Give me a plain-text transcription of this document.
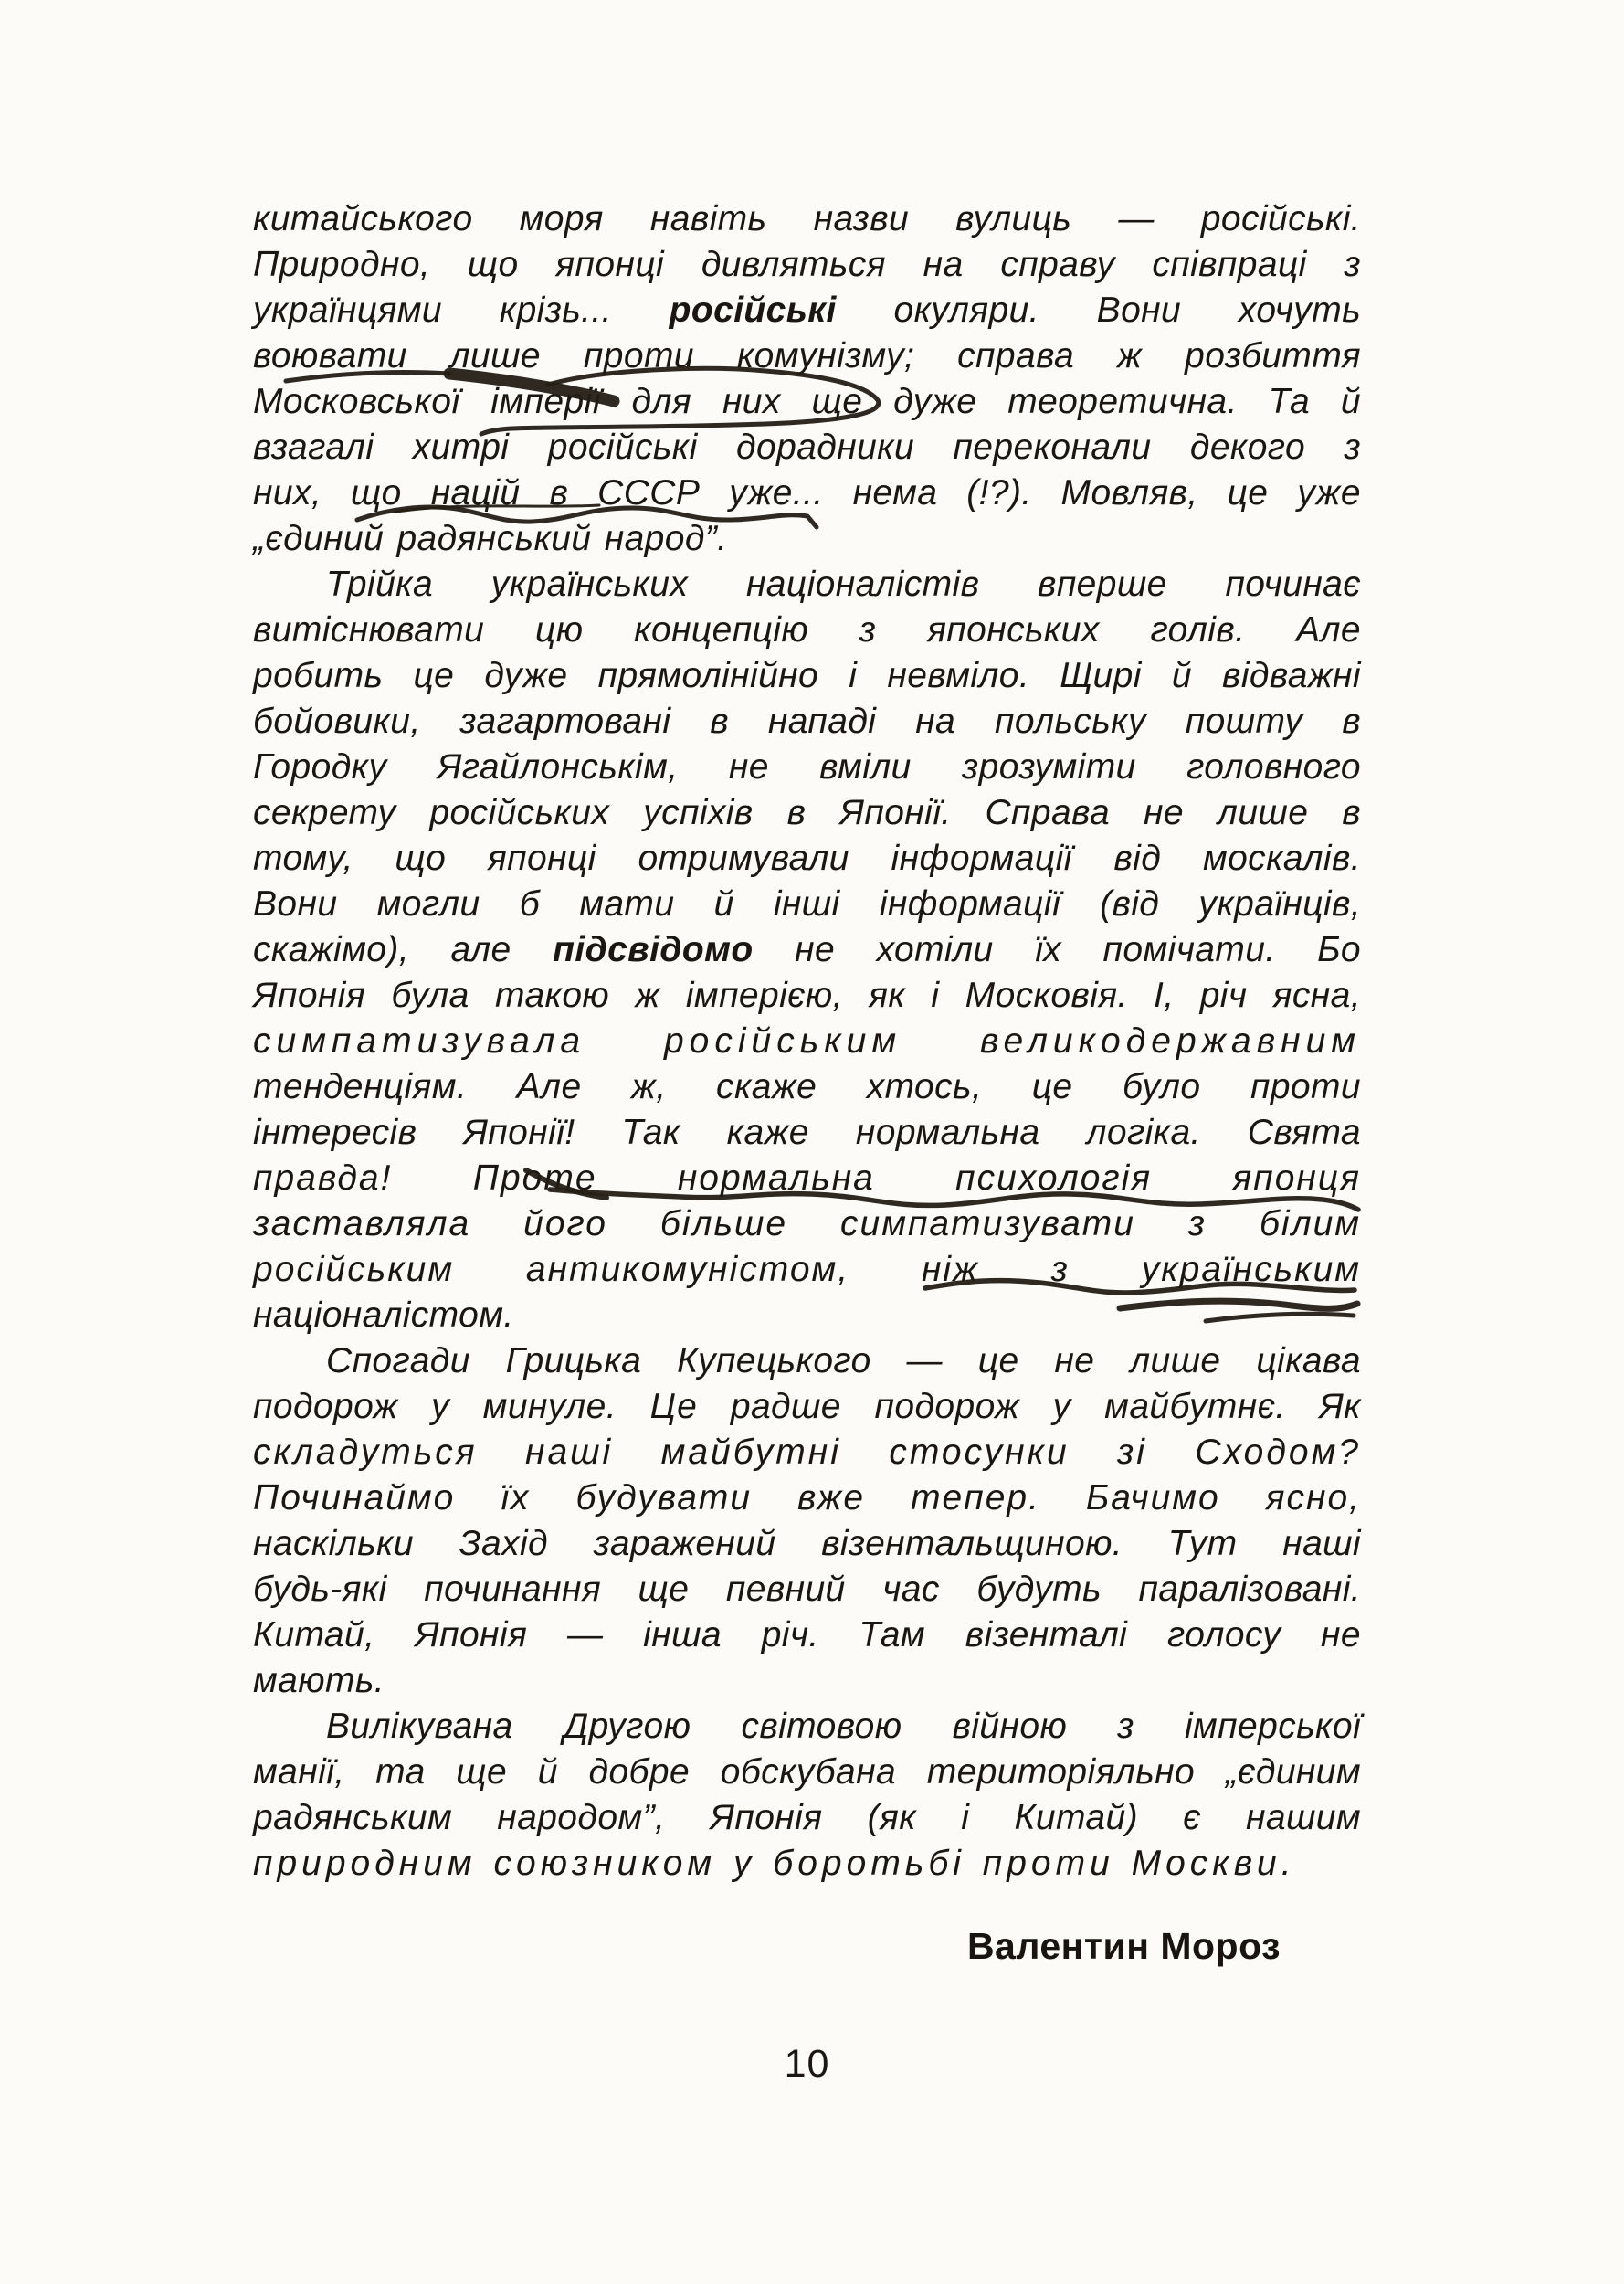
китайського моря навіть назви вулиць — російські.
Природно, що японці дивляться на справу співпраці з
українцями крізь... російські окуляри. Вони хочуть
воювати лише проти комунізму; справа ж розбиття
Московської імперії для них ще дуже теоретична. Та й
взагалі хитрі російські дорадники переконали декого з
них, що націй в СССР уже... нема (!?). Мовляв, це уже
„єдиний радянський народ”.
Трійка українських націоналістів вперше починає
витіснювати цю концепцію з японських голів. Але
робить це дуже прямолінійно і невміло. Щирі й відважні
бойовики, загартовані в нападі на польську пошту в
Городку Ягайлонськім, не вміли зрозуміти головного
секрету російських успіхів в Японії. Справа не лише в
тому, що японці отримували інформації від москалів.
Вони могли б мати й інші інформації (від українців,
скажімо), але підсвідомо не хотіли їх помічати. Бо
Японія була такою ж імперією, як і Московія. І, річ ясна,
симпатизувала російським великодержавним
тенденціям. Але ж, скаже хтось, це було проти
інтересів Японії! Так каже нормальна логіка. Свята
правда! Проте нормальна психологія японця
заставляла його більше симпатизувати з білим
російським антикомуністом, ніж з українським
націоналістом.
Спогади Грицька Купецького — це не лише цікава
подорож у минуле. Це радше подорож у майбутнє. Як
складуться наші майбутні стосунки зі Сходом?
Починаймо їх будувати вже тепер. Бачимо ясно,
наскільки Захід заражений візентальщиною. Тут наші
будь-які починання ще певний час будуть паралізовані.
Китай, Японія — інша річ. Там візенталі голосу не
мають.
Вилікувана Другою світовою війною з імперської
манії, та ще й добре обскубана територіяльно „єдиним
радянським народом”, Японія (як і Китай) є нашим
природним союзником у боротьбі проти Москви.
Валентин Мороз
10
